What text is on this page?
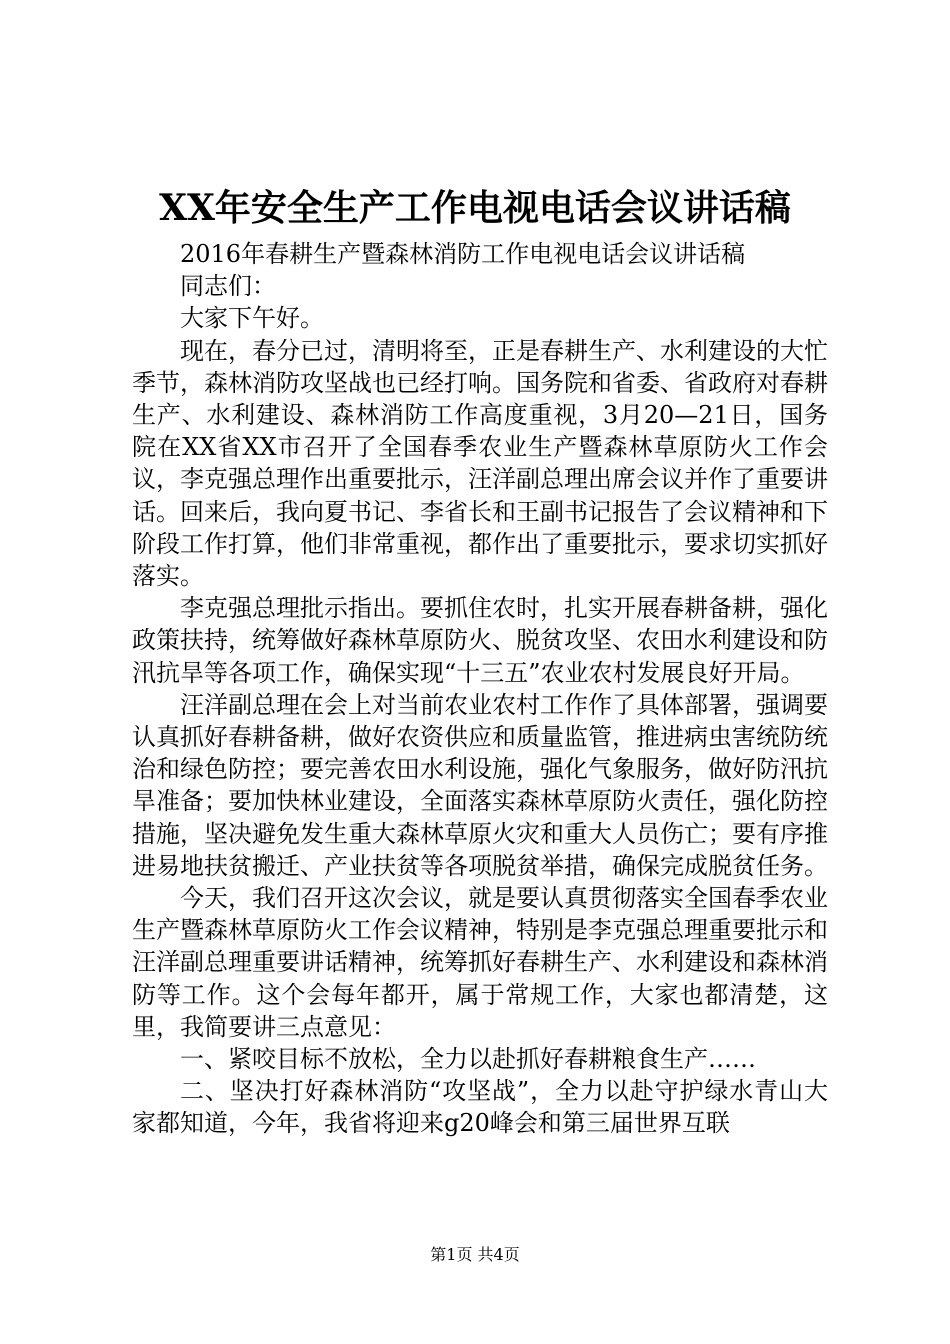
XX年安全生产工作电视电话会议讲话稿

2016年春耕生产暨森林消防工作电视电话会议讲话稿

同志们：

大家下午好。

现在，春分已过，清明将至，正是春耕生产、水利建设的大忙季节，森林消防攻坚战也已经打响。国务院和省委、省政府对春耕生产、水利建设、森林消防工作高度重视，3月20—21日，国务院在XX省XX市召开了全国春季农业生产暨森林草原防火工作会议，李克强总理作出重要批示，汪洋副总理出席会议并作了重要讲话。回来后，我向夏书记、李省长和王副书记报告了会议精神和下阶段工作打算，他们非常重视，都作出了重要批示，要求切实抓好落实。

李克强总理批示指出。要抓住农时，扎实开展春耕备耕，强化政策扶持，统筹做好森林草原防火、脱贫攻坚、农田水利建设和防汛抗旱等各项工作，确保实现“十三五”农业农村发展良好开局。

汪洋副总理在会上对当前农业农村工作作了具体部署，强调要认真抓好春耕备耕，做好农资供应和质量监管，推进病虫害统防统治和绿色防控；要完善农田水利设施，强化气象服务，做好防汛抗旱准备；要加快林业建设，全面落实森林草原防火责任，强化防控措施，坚决避免发生重大森林草原火灾和重大人员伤亡；要有序推进易地扶贫搬迁、产业扶贫等各项脱贫举措，确保完成脱贫任务。

今天，我们召开这次会议，就是要认真贯彻落实全国春季农业生产暨森林草原防火工作会议精神，特别是李克强总理重要批示和汪洋副总理重要讲话精神，统筹抓好春耕生产、水利建设和森林消防等工作。这个会每年都开，属于常规工作，大家也都清楚，这里，我简要讲三点意见：

一、紧咬目标不放松，全力以赴抓好春耕粮食生产……

二、坚决打好森林消防“攻坚战”，全力以赴守护绿水青山大家都知道，今年，我省将迎来g20峰会和第三届世界互联

第1页 共4页
